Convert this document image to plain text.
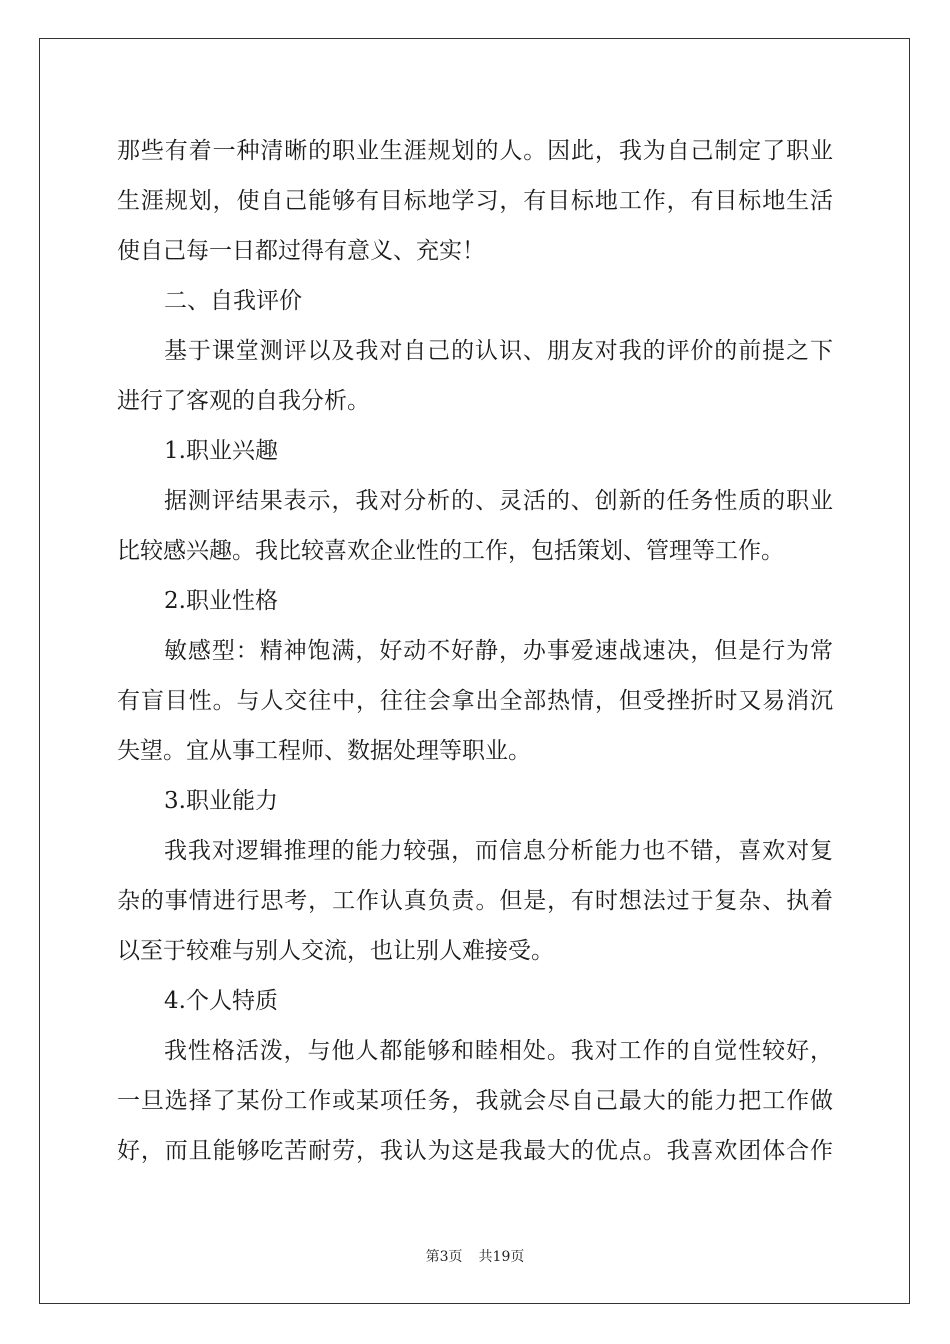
那些有着一种清晰的职业生涯规划的人。因此，我为自己制定了职业
生涯规划，使自己能够有目标地学习，有目标地工作，有目标地生活
使自己每一日都过得有意义、充实！
二、自我评价
基于课堂测评以及我对自己的认识、朋友对我的评价的前提之下
进行了客观的自我分析。
1.职业兴趣
据测评结果表示，我对分析的、灵活的、创新的任务性质的职业
比较感兴趣。我比较喜欢企业性的工作，包括策划、管理等工作。
2.职业性格
敏感型：精神饱满，好动不好静，办事爱速战速决，但是行为常
有盲目性。与人交往中，往往会拿出全部热情，但受挫折时又易消沉
失望。宜从事工程师、数据处理等职业。
3.职业能力
我我对逻辑推理的能力较强，而信息分析能力也不错，喜欢对复
杂的事情进行思考，工作认真负责。但是，有时想法过于复杂、执着
以至于较难与别人交流，也让别人难接受。
4.个人特质
我性格活泼，与他人都能够和睦相处。我对工作的自觉性较好，
一旦选择了某份工作或某项任务，我就会尽自己最大的能力把工作做
好，而且能够吃苦耐劳，我认为这是我最大的优点。我喜欢团体合作
第3页 共19页
